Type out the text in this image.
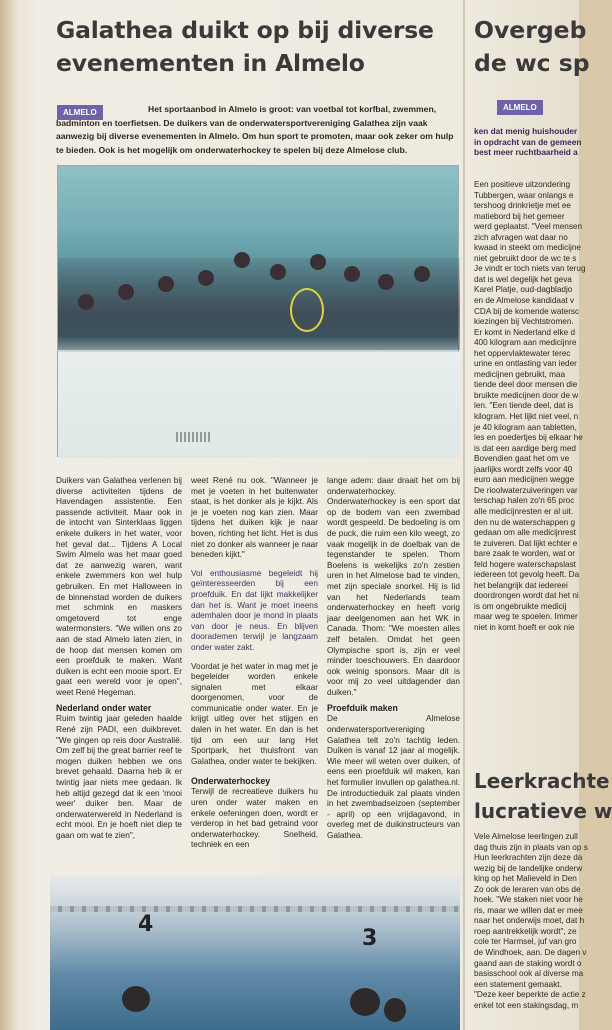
Galathea duikt op bij diverse evenementen in Almelo
ALMELO	Het sportaanbod in Almelo is groot: van voetbal tot korfbal, zwemmen, badminton en toerfietsen. De duikers van de onderwatersportvereniging Galathea zijn vaak aanwezig bij diverse evenementen in Almelo. Om hun sport te promoten, maar ook zeker om hulp te bieden. Ook is het mogelijk om onderwaterhockey te spelen bij deze Almelose club.

Duikers van Galathea verlenen bij diverse activiteiten tijdens de Havendagen assistentie. Een passende activiteit. Maar ook in de intocht van Sinterklaas liggen enkele duikers in het water, voor het geval dat... Tijdens A Local Swim Almelo was het maar goed dat ze aanwezig waren, want enkele zwemmers kon wel hulp gebruiken. En met Halloween in de binnenstad worden de duikers met schmink en maskers omgetoverd tot enge watermonsters. "We willen ons zo aan de stad Almelo laten zien, in de hoop dat mensen komen om een proefduik te maken. Want duiken is echt een mooie sport. Er gaat een wereld voor je open", weet René Hegeman.

Nederland onder water

Ruim twintig jaar geleden haalde René zijn PADI, een duikbrevet. "We gingen op reis door Australië. Om zelf bij the great barrier reef te mogen duiken hebben we ons brevet gehaald. Daarna heb ik er twintig jaar niets mee gedaan. Ik heb altijd gezegd dat ik een 'mooi weer' duiker ben. Maar de onderwaterwereld in Nederland is echt mooi. En je hoeft niet diep te gaan om wat te zien",

weet René nu ook. "Wanneer je met je voeten in het buitenwater staat, is het donker als je kijkt. Als je je voeten nog kan zien. Maar tijdens het duiken kijk je naar boven, richting het licht. Het is dus niet zo donker als wanneer je naar beneden kijkt."

Vol enthousiasme begeleidt hij geïnteresseerden bij een proefduik. En dat lijkt makkelijker dan het is. Want je moet ineens ademhalen door je mond in plaats van door je neus. En blijven doorademen terwijl je langzaam onder water zakt.

Voordat je het water in mag met je begeleider worden enkele signalen met elkaar doorgenomen, voor de communicatie onder water. En je krijgt uitleg over het stijgen en dalen in het water. En dan is het tijd om een uur lang Het Sportpark, het thuisfront van Galathea, onder water te bekijken.

Onderwaterhockey

Terwijl de recreatieve duikers hu uren onder water maken en enkele oefeningen doen, wordt er verderop in het bad getraind voor onderwaterhockey. Snelheid, techniek en een

lange adem: daar draait het om bij onderwaterhockey.

Onderwaterhockey is een sport dat op de bodem van een zwembad wordt gespeeld. De bedoeling is om de puck, die ruim een kilo weegt, zo vaak mogelijk in de doelbak van de tegenstander te spelen. Thom Boelens is wekelijks zo'n zestien uren in het Almelose bad te vinden, met zijn speciale snorkel. Hij is lid van het Nederlands team onderwaterhockey en heeft vorig jaar deelgenomen aan het WK in Canada. Thom: "We moesten alles zelf betalen. Omdat het geen Olympische sport is, zijn er veel minder toeschouwers. En daardoor ook weinig sponsors. Maar dit is voor mij zo veel uitdagender dan duiken."

Proefduik maken

De Almelose onderwatersportvereniging Galathea telt zo'n tachtig leden. Duiken is vanaf 12 jaar al mogelijk. Wie meer wil weten over duiken, of eens een proefduik wil maken, kan het formulier invullen op galathea.nl. De introductieduik zal plaats vinden in het zwembadseizoen (september - april) op een vrijdagavond, in overleg met de duikinstructeurs van Galathea.

4
3
Overgeb
de wc sp
ALMELO
ken dat menig huishouder
in opdracht van de gemeen
best meer ruchtbaarheid a
Een positieve uitzondering
Tubbergen, waar onlangs e
tershoog drinkrietje met ee
matiebord bij het gemeer
werd geplaatst. "Veel mensen
zich afvragen wat daar no
kwaad in steekt om medicijne
niet gebruikt door de wc te s
Je vindt er toch niets van terug
dat is wel degelijk het geva
Karel Platje, oud-dagbladjo
en de Almelose kandidaat v
CDA bij de komende watersc
kiezingen bij Vechtstromen.
Er komt in Nederland elke d
400 kilogram aan medicijnre
het oppervlaktewater terec
urine en ontlasting van ieder
medicijnen gebruikt, maa
tiende deel door mensen die
bruikte medicijnen door de w
len. "Een tiende deel, dat is
kilogram. Het lijkt niet veel, n
je 40 kilogram aan tabletten,
les en poedertjes bij elkaar he
is dat een aardige berg med
Bovendien gaat het om ve
jaarlijks wordt zelfs voor 40
euro aan medicijnen wegge
De rioolwaterzuiveringen var
terschap halen zo'n 65 proc
alle medicijnresten er al uit.
den nu de waterschappen g
gedaan om alle medicijnrest
te zuiveren. Dat lijkt echter e
bare zaak te worden, wat or
feld hogere waterschapslast
iedereen tot gevolg heeft. Da
het belangrijk dat iedereei
doordrongen wordt dat het ni
is om ongebruikte medicij
maar weg te spoelen. Immer
niet in komt hoeft er ook nie
Leerkrachte
lucratieve w
Vele Almelose leerlingen zull
dag thuis zijn in plaats van op s
Hun leerkrachten zijn deze da
wezig bij de landelijke onderw
king op het Malieveld in Den
Zo ook de leraren van obs de
hoek. "We staken niet voor he
ris, maar we willen dat er mee
naar het onderwijs moet, dat h
roep aantrekkelijk wordt", ze
cole ter Harmsel, juf van gro
de Windhoek, aan. De dagen v
gaand aan de staking wordt o
basisschool ook al diverse ma
een statement gemaakt.
"Deze keer beperkte de actie z
enkel tot een stakingsdag, m
